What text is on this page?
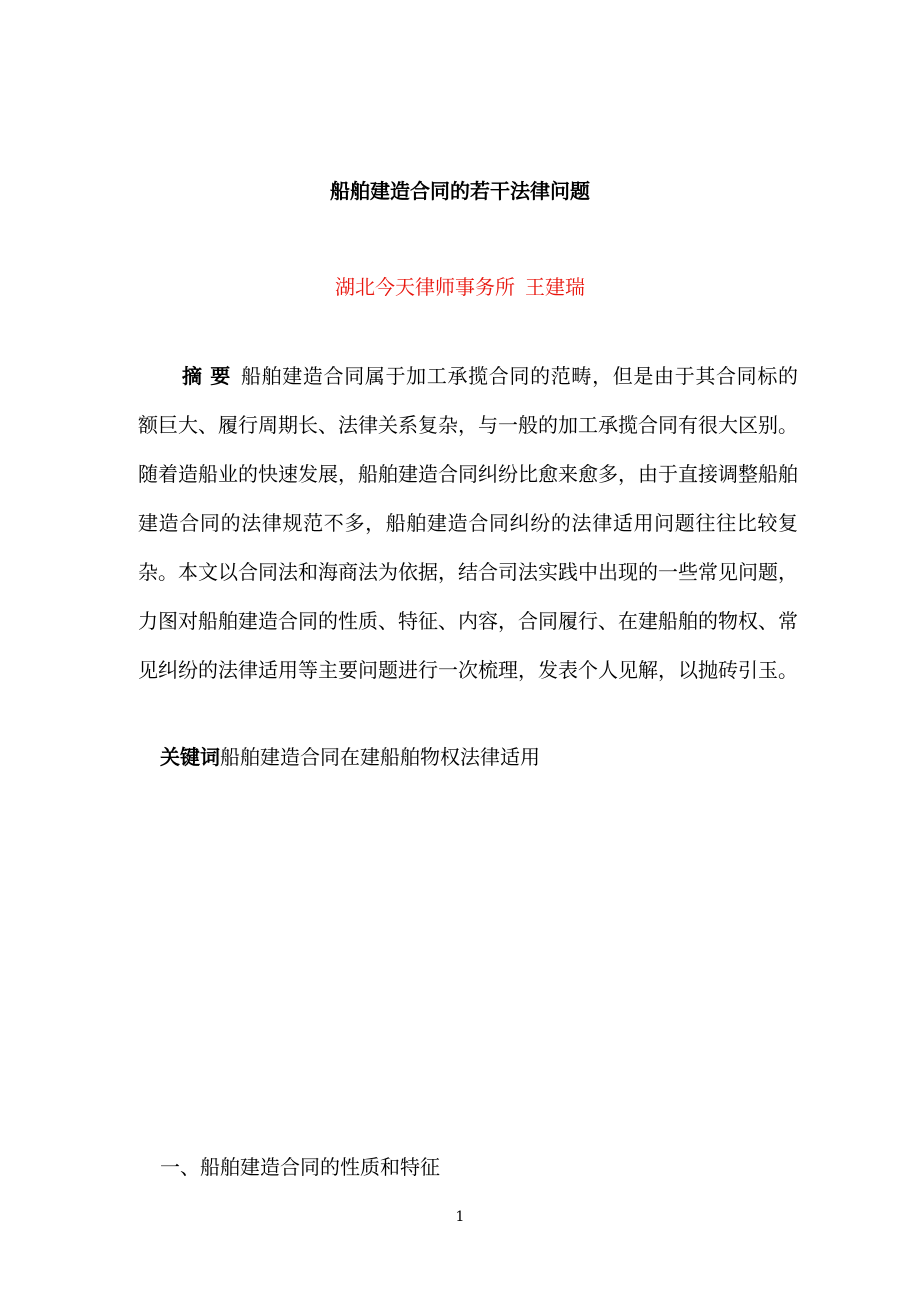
船舶建造合同的若干法律问题
湖北今天律师事务所 王建瑞

摘 要 船舶建造合同属于加工承揽合同的范畴，但是由于其合同标的额巨大、履行周期长、法律关系复杂，与一般的加工承揽合同有很大区别。随着造船业的快速发展，船舶建造合同纠纷比愈来愈多，由于直接调整船舶建造合同的法律规范不多，船舶建造合同纠纷的法律适用问题往往比较复杂。本文以合同法和海商法为依据，结合司法实践中出现的一些常见问题，力图对船舶建造合同的性质、特征、内容，合同履行、在建船舶的物权、常见纠纷的法律适用等主要问题进行一次梳理，发表个人见解，以抛砖引玉。

关键词船舶建造合同在建船舶物权法律适用
一、船舶建造合同的性质和特征
1
